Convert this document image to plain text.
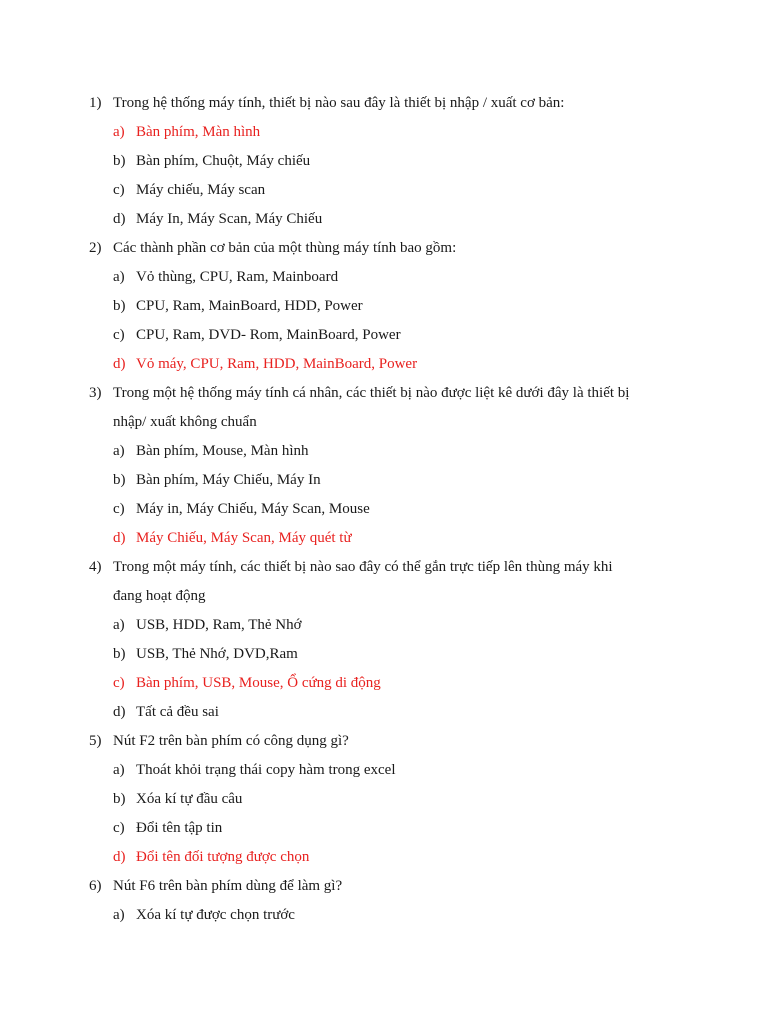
1) Trong hệ thống máy tính, thiết bị nào sau đây là thiết bị nhập / xuất cơ bản:
a) Bàn phím, Màn hình
b) Bàn phím, Chuột, Máy chiếu
c) Máy chiếu, Máy scan
d) Máy In, Máy Scan, Máy Chiếu
2) Các thành phần cơ bản của một thùng máy tính bao gồm:
a) Vỏ thùng, CPU, Ram, Mainboard
b) CPU, Ram, MainBoard, HDD, Power
c) CPU, Ram, DVD- Rom, MainBoard, Power
d) Vỏ máy, CPU, Ram, HDD, MainBoard, Power
3) Trong một hệ thống máy tính cá nhân, các thiết bị nào được liệt kê dưới đây là thiết bị
nhập/ xuất không chuẩn
a) Bàn phím, Mouse, Màn hình
b) Bàn phím, Máy Chiếu, Máy In
c) Máy in, Máy Chiếu, Máy Scan, Mouse
d) Máy Chiếu, Máy Scan, Máy quét từ
4) Trong một máy tính, các thiết bị nào sao đây có thể gắn trực tiếp lên thùng máy khi
đang hoạt động
a) USB, HDD, Ram, Thẻ Nhớ
b) USB, Thẻ Nhớ, DVD,Ram
c) Bàn phím, USB, Mouse, Ổ cứng di động
d) Tất cả đều sai
5) Nút F2 trên bàn phím có công dụng gì?
a) Thoát khỏi trạng thái copy hàm trong excel
b) Xóa kí tự đầu câu
c) Đổi tên tập tin
d) Đổi tên đối tượng được chọn
6) Nút F6 trên bàn phím dùng để làm gì?
a) Xóa kí tự được chọn trước
